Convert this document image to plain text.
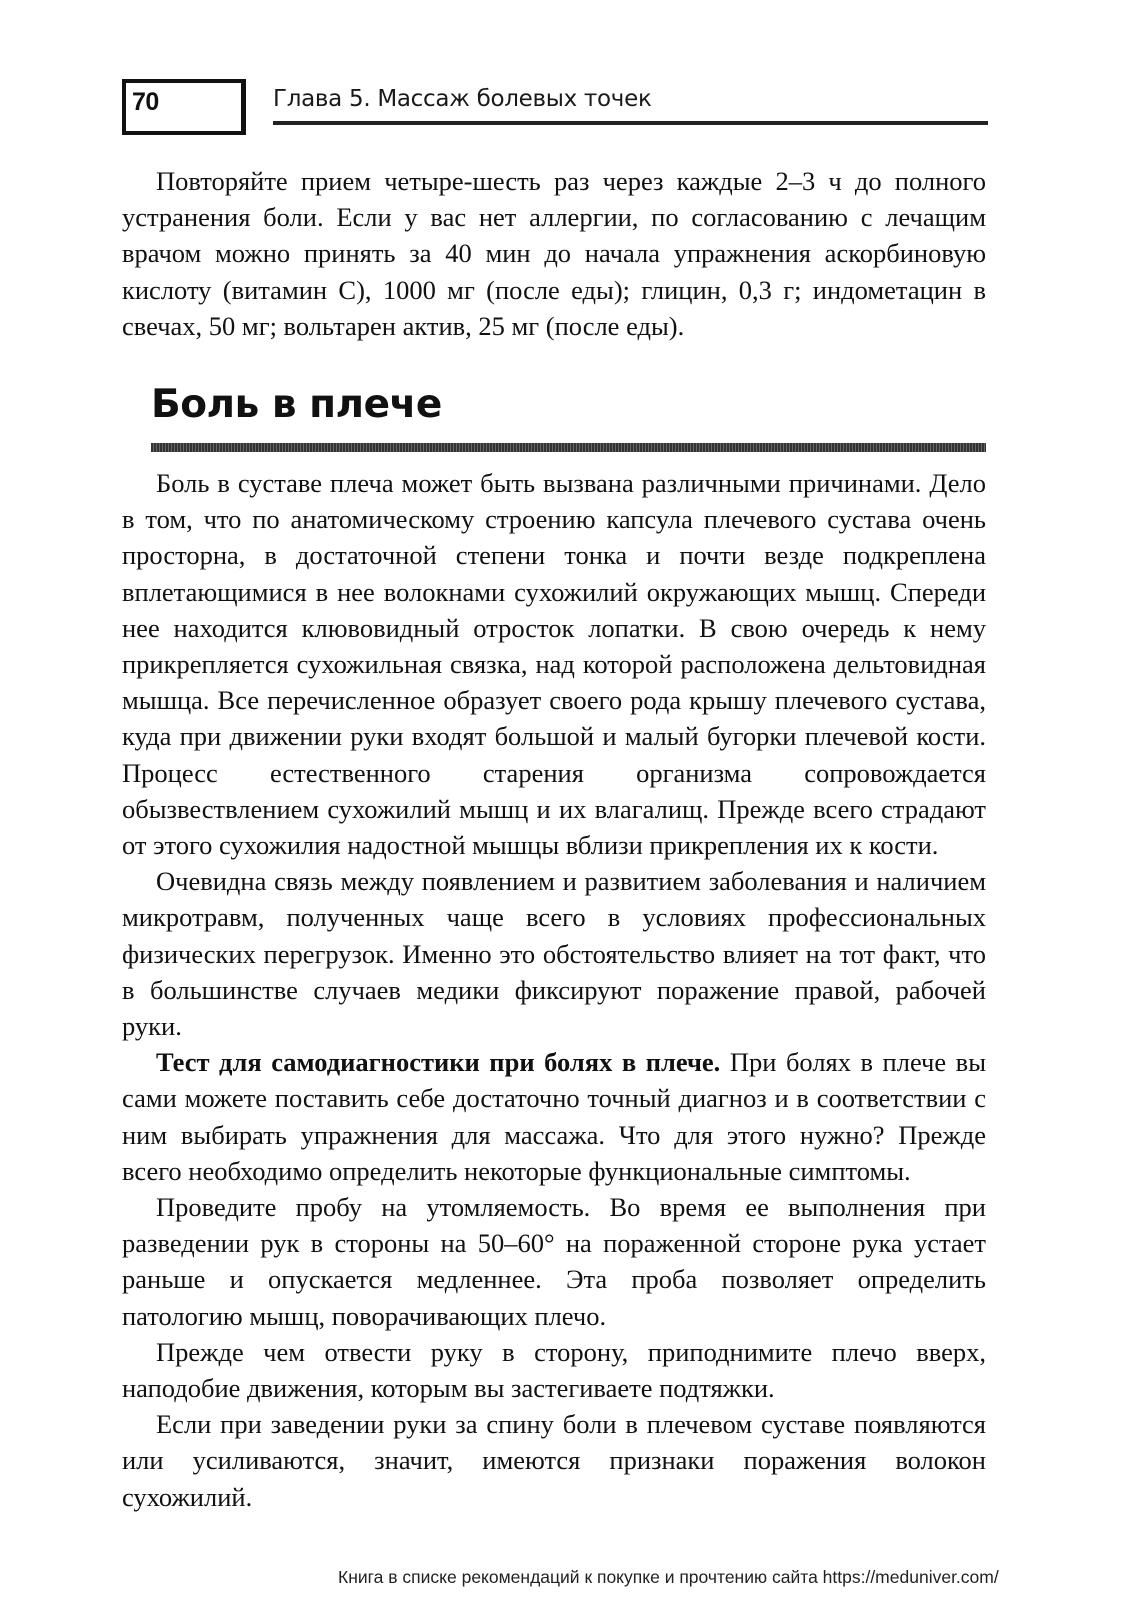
70	Глава 5. Массаж болевых точек

Повторяйте прием четыре-шесть раз через каждые 2–3 ч до полного устранения боли. Если у вас нет аллергии, по согласованию с лечащим врачом можно принять за 40 мин до начала упражнения аскорбиновую кислоту (витамин С), 1000 мг (после еды); глицин, 0,3 г; индометацин в свечах, 50 мг; вольтарен актив, 25 мг (после еды).

Боль в плече

Боль в суставе плеча может быть вызвана различными причинами. Дело в том, что по анатомическому строению капсула плечевого сустава очень просторна, в достаточной степени тонка и почти везде подкреплена вплетающимися в нее волокнами сухожилий окружающих мышц. Спереди нее находится клювовидный отросток лопатки. В свою очередь к нему прикрепляется сухожильная связка, над которой расположена дельтовидная мышца. Все перечисленное образует своего рода крышу плечевого сустава, куда при движении руки входят большой и малый бугорки плечевой кости. Процесс естественного старения организма сопровождается обызвествлением сухожилий мышц и их влагалищ. Прежде всего страдают от этого сухожилия надостной мышцы вблизи прикрепления их к кости.

Очевидна связь между появлением и развитием заболевания и наличием микротравм, полученных чаще всего в условиях профессиональных физических перегрузок. Именно это обстоятельство влияет на тот факт, что в большинстве случаев медики фиксируют поражение правой, рабочей руки.

Тест для самодиагностики при болях в плече. При болях в плече вы сами можете поставить себе достаточно точный диагноз и в соответствии с ним выбирать упражнения для массажа. Что для этого нужно? Прежде всего необходимо определить некоторые функциональные симптомы.

Проведите пробу на утомляемость. Во время ее выполнения при разведении рук в стороны на 50–60° на пораженной стороне рука устает раньше и опускается медленнее. Эта проба позволяет определить патологию мышц, поворачивающих плечо.

Прежде чем отвести руку в сторону, приподнимите плечо вверх, наподобие движения, которым вы застегиваете подтяжки.

Если при заведении руки за спину боли в плечевом суставе появляются или усиливаются, значит, имеются признаки поражения волокон сухожилий.

Книга в списке рекомендаций к покупке и прочтению сайта https://meduniver.com/
